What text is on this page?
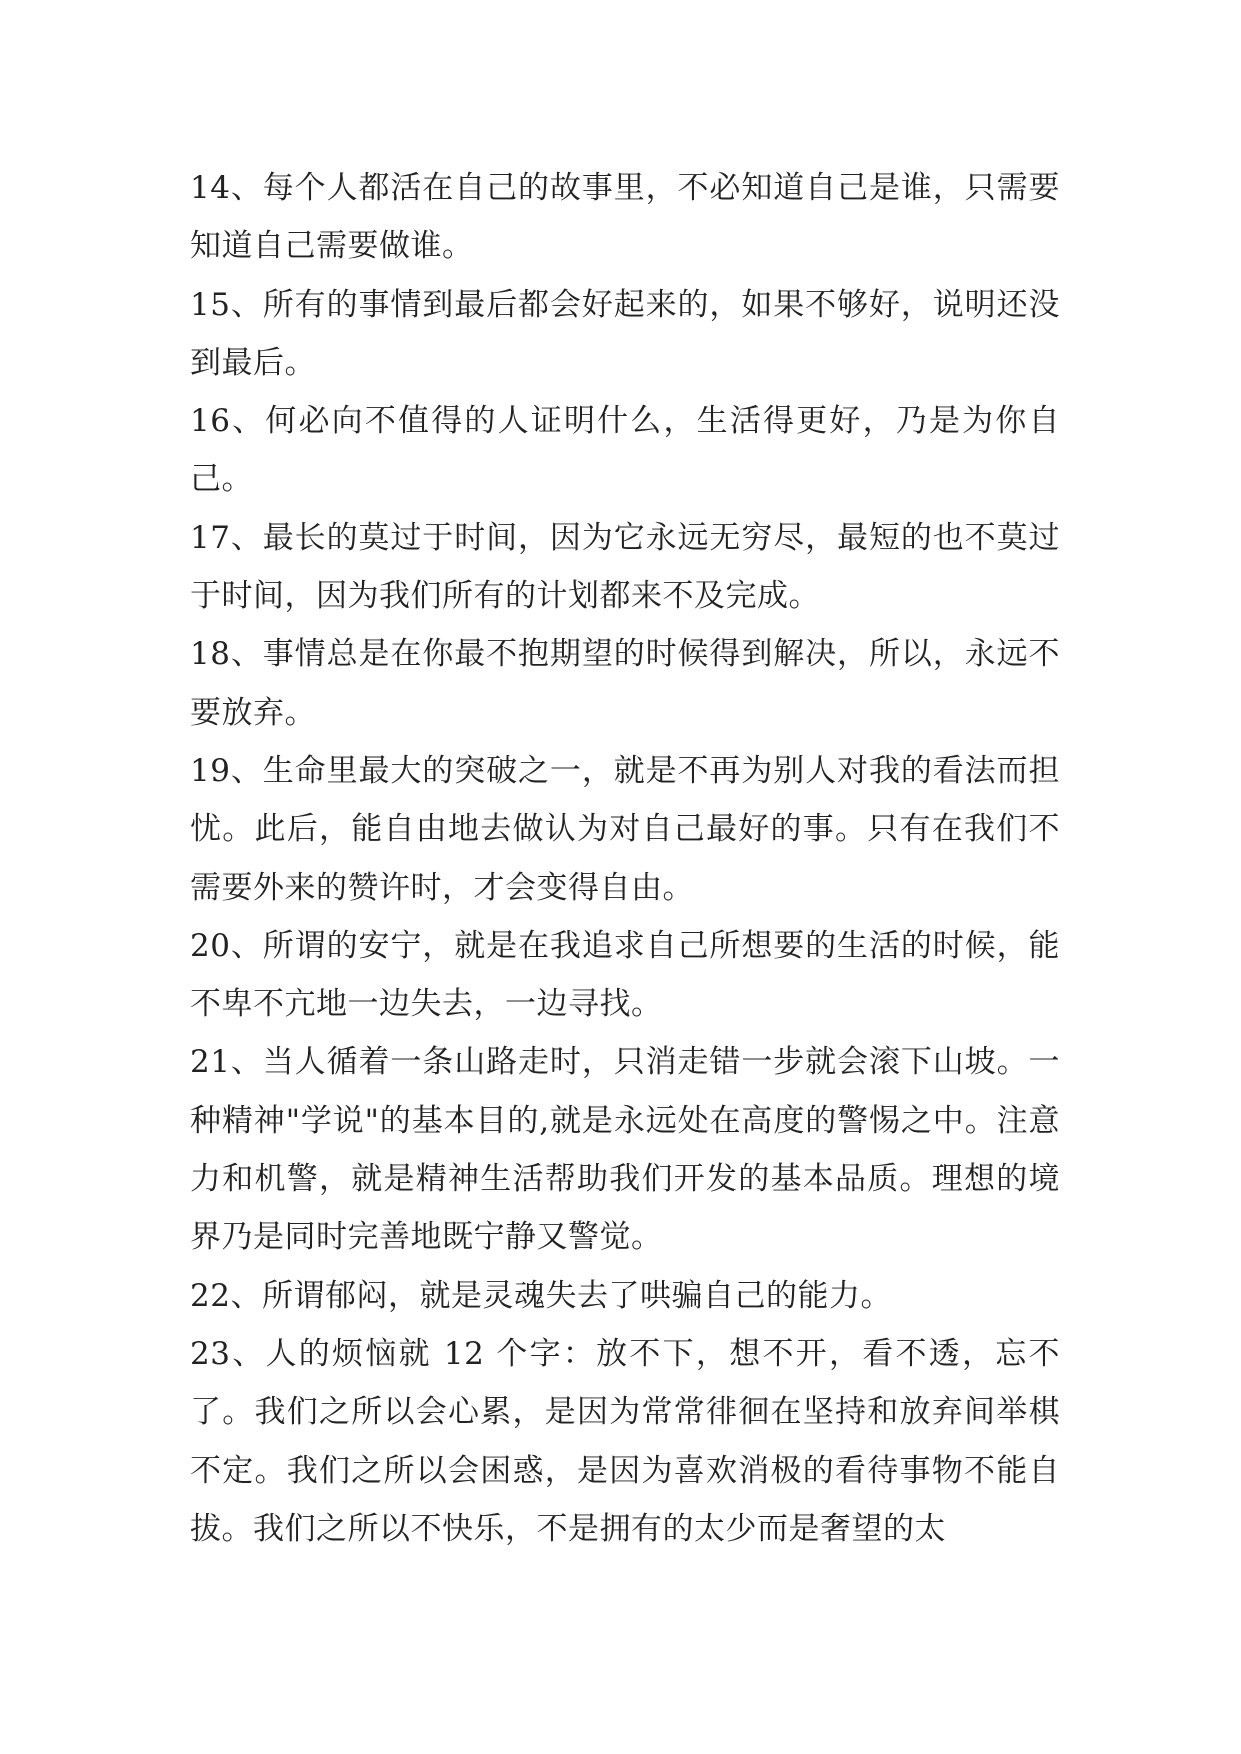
14、每个人都活在自己的故事里，不必知道自己是谁，只需要知道自己需要做谁。

15、所有的事情到最后都会好起来的，如果不够好，说明还没到最后。

16、何必向不值得的人证明什么，生活得更好，乃是为你自己。

17、最长的莫过于时间，因为它永远无穷尽，最短的也不莫过于时间，因为我们所有的计划都来不及完成。

18、事情总是在你最不抱期望的时候得到解决，所以，永远不要放弃。

19、生命里最大的突破之一，就是不再为别人对我的看法而担忧。此后，能自由地去做认为对自己最好的事。只有在我们不需要外来的赞许时，才会变得自由。

20、所谓的安宁，就是在我追求自己所想要的生活的时候，能不卑不亢地一边失去，一边寻找。

21、当人循着一条山路走时，只消走错一步就会滚下山坡。一种精神"学说"的基本目的,就是永远处在高度的警惕之中。注意力和机警，就是精神生活帮助我们开发的基本品质。理想的境界乃是同时完善地既宁静又警觉。

22、所谓郁闷，就是灵魂失去了哄骗自己的能力。

23、人的烦恼就 12 个字：放不下，想不开，看不透，忘不了。我们之所以会心累，是因为常常徘徊在坚持和放弃间举棋不定。我们之所以会困惑，是因为喜欢消极的看待事物不能自拔。我们之所以不快乐，不是拥有的太少而是奢望的太
